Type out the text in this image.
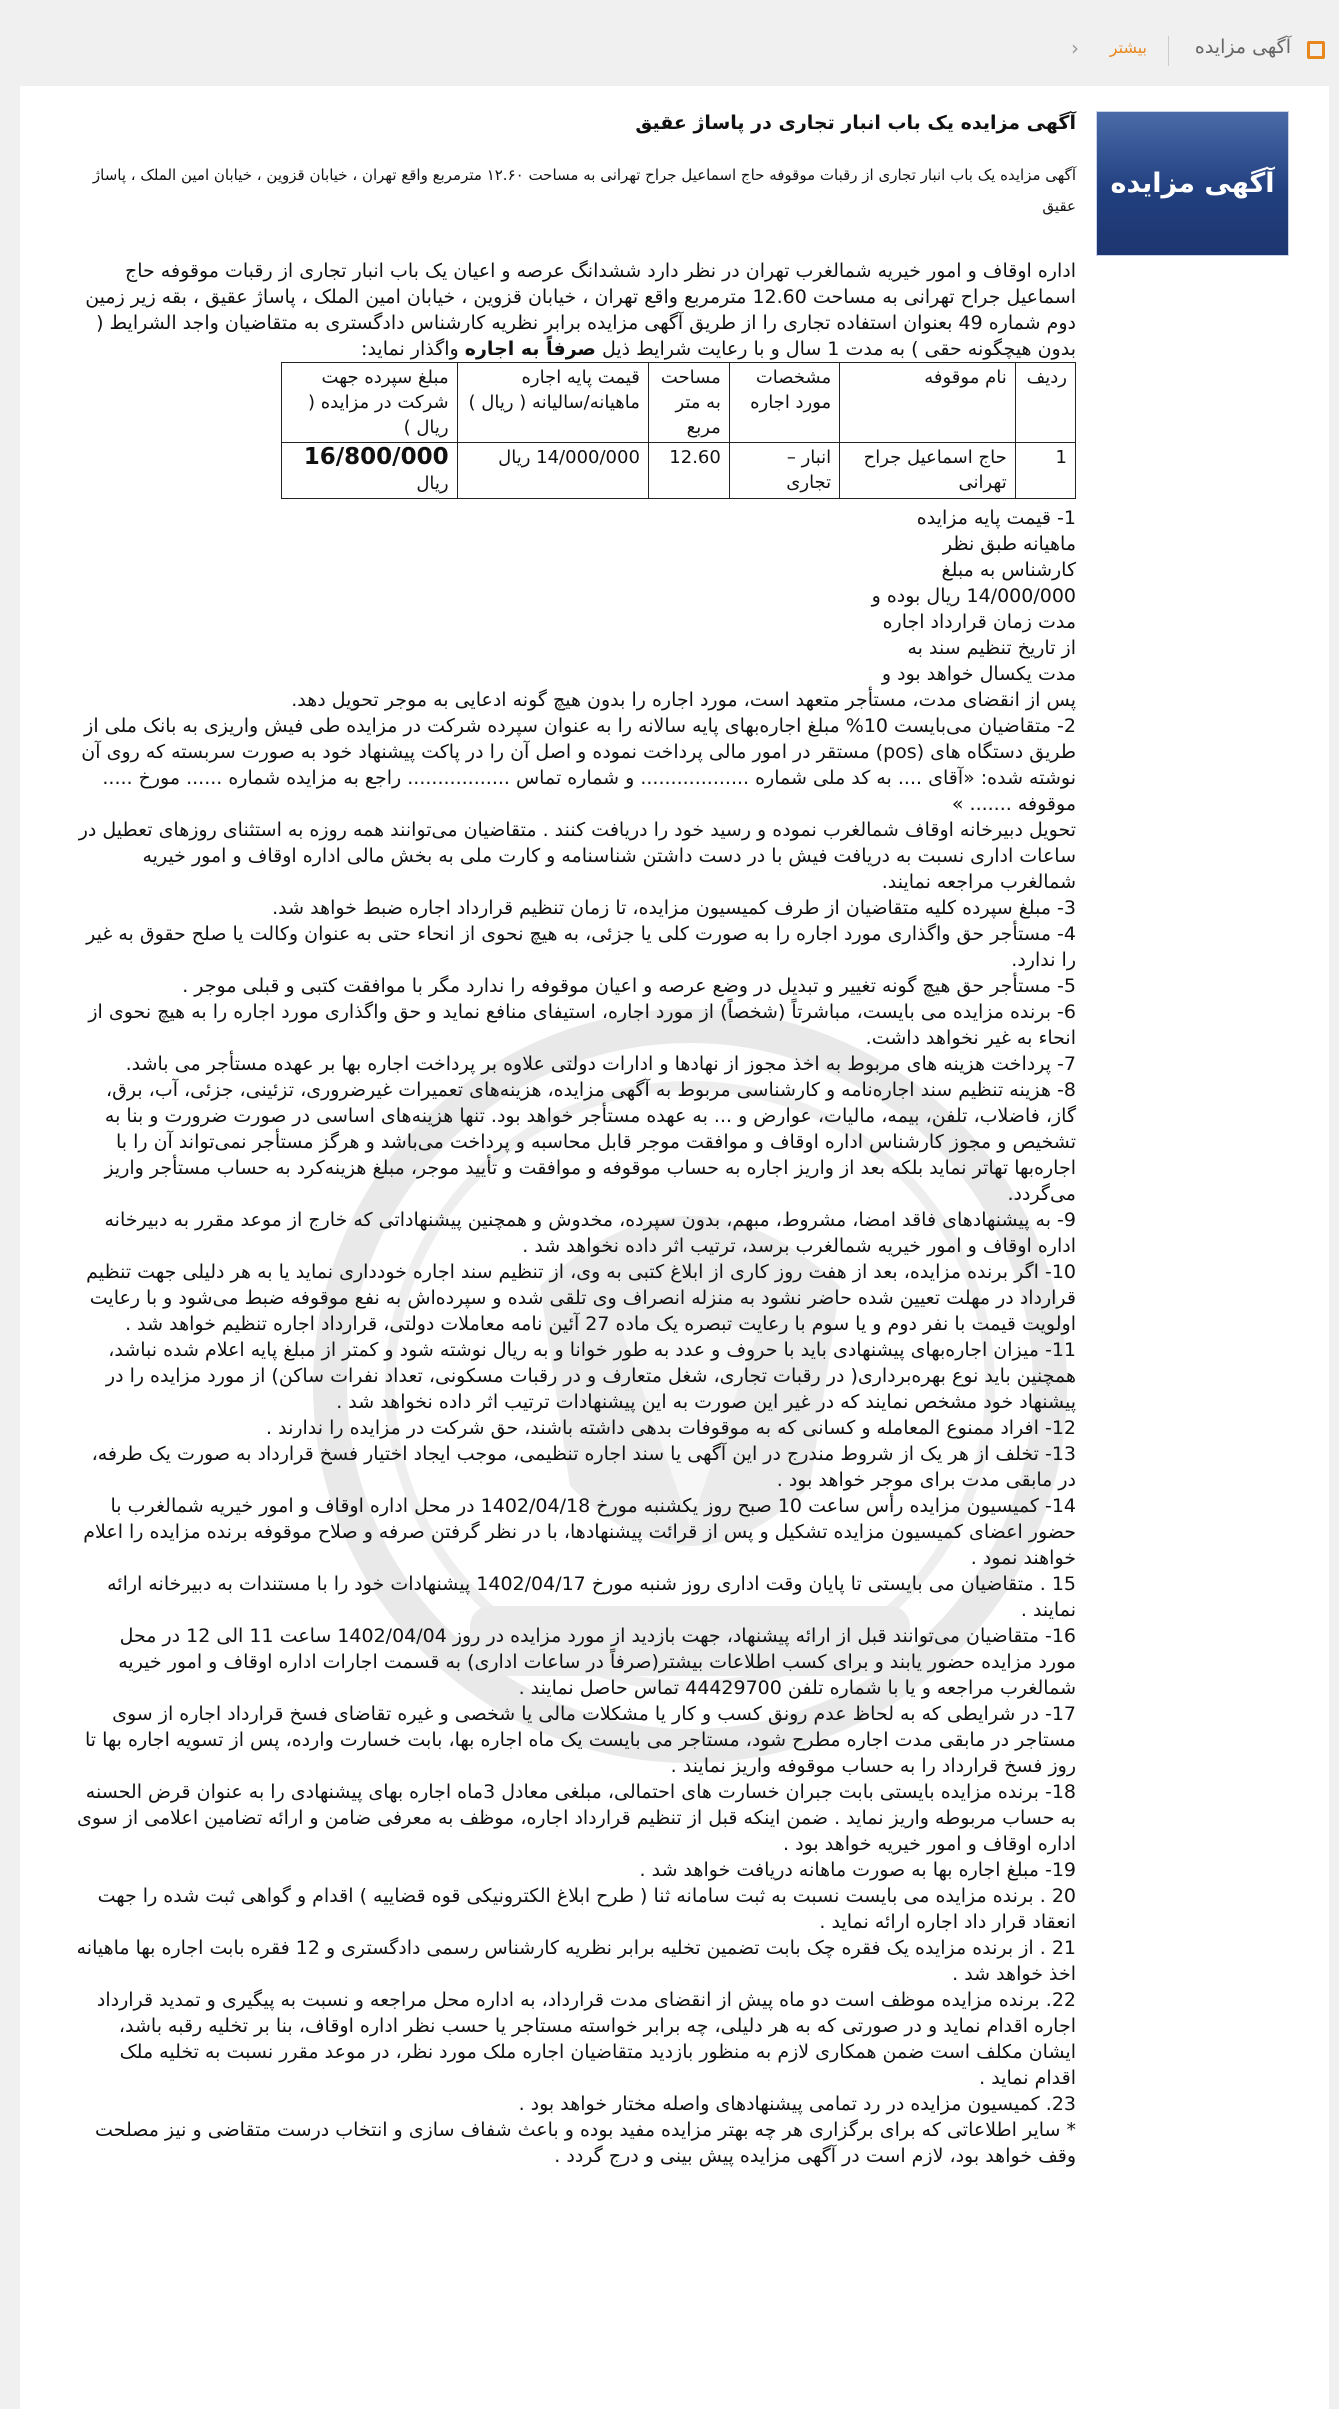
آگهی مزایده
بیشتر
‹
آگهی مزایده
آگهی مزایده یک باب انبار تجاری در پاساژ عقیق

آگهی مزایده یک باب انبار تجاری از رقبات موقوفه حاج اسماعیل جراح تهرانی به مساحت ۱۲.۶۰ مترمربع واقع تهران ، خیابان قزوین ، خیابان امین الملک ، پاساژ عقیق

اداره اوقاف و امور خیریه شمالغرب تهران در نظر دارد ششدانگ عرصه و اعیان یک باب انبار تجاری از رقبات موقوفه حاج اسماعیل جراح تهرانی به مساحت 12.60 مترمربع واقع تهران ، خیابان قزوین ، خیابان امین الملک ، پاساژ عقیق ، بقه زیر زمین دوم شماره 49 بعنوان استفاده تجاری را از طریق آگهی مزایده برابر نظریه کارشناس دادگستری به متقاضیان واجد الشرایط ( بدون هیچگونه حقی ) به مدت 1 سال و با رعایت شرایط ذیل صرفاً به اجاره واگذار نماید:

ردیف	نام موقوفه	مشخصات مورد اجاره	مساحت به متر مربع	قیمت پایه اجاره ماهیانه/سالیانه ( ریال )	مبلغ سپرده جهت شرکت در مزایده ( ریال )
1	حاج اسماعیل جراح تهرانی	انبار – تجاری	12.60	14/000/000 ریال	16/800/000
ریال
1- قیمت پایه مزایده ماهیانه طبق نظر کارشناس به مبلغ 14/000/000 ریال بوده و مدت زمان قرارداد اجاره از تاریخ تنظیم سند به مدت یکسال خواهد بود و

پس از انقضای مدت، مستأجر متعهد است، مورد اجاره را بدون هیچ گونه ادعایی به موجر تحویل دهد.

2- متقاضیان می‌بایست 10% مبلغ اجاره‌بهای پایه سالانه را به عنوان سپرده شرکت در مزایده طی فیش واریزی به بانک ملی از طریق دستگاه های (pos) مستقر در امور مالی پرداخت نموده و اصل آن را در پاکت پیشنهاد خود به صورت سربسته که روی آن نوشته شده: «آقای .... به کد ملی شماره .................. و شماره تماس ................. راجع به مزایده شماره ...... مورخ ..... موقوفه ....... »

تحویل دبیرخانه اوقاف شمالغرب نموده و رسید خود را دریافت کنند . متقاضیان می‌توانند همه روزه به استثنای روزهای تعطیل در ساعات اداری نسبت به دریافت فیش با در دست داشتن شناسنامه و کارت ملی به بخش مالی اداره اوقاف و امور خیریه شمالغرب مراجعه نمایند.

3- مبلغ سپرده کلیه متقاضیان از طرف کمیسیون مزایده، تا زمان تنظیم قرارداد اجاره ضبط خواهد شد.

4- مستأجر حق واگذاری مورد اجاره را به صورت کلی یا جزئی، به هیچ نحوی از انحاء حتی به عنوان وکالت یا صلح حقوق به غیر را ندارد.

5- مستأجر حق هیچ گونه تغییر و تبدیل در وضع عرصه و اعیان موقوفه را ندارد مگر با موافقت کتبی و قبلی موجر .

6- برنده مزایده می بایست، مباشرتاً (شخصاً) از مورد اجاره، استیفای منافع نماید و حق واگذاری مورد اجاره را به هیچ نحوی از انحاء به غیر نخواهد داشت.

7- پرداخت هزینه های مربوط به اخذ مجوز از نهادها و ادارات دولتی علاوه بر پرداخت اجاره بها بر عهده مستأجر می باشد.

8- هزینه تنظیم سند اجاره‌نامه و کارشناسی مربوط به آگهی مزایده، هزینه‌های تعمیرات غیرضروری، تزئینی، جزئی، آب، برق، گاز، فاضلاب، تلفن، بیمه، مالیات، عوارض و ... به عهده مستأجر خواهد بود. تنها هزینه‌های اساسی در صورت ضرورت و بنا به تشخیص و مجوز کارشناس اداره اوقاف و موافقت موجر قابل محاسبه و پرداخت می‌باشد و هرگز مستأجر نمی‌تواند آن را با اجاره‌بها تهاتر نماید بلکه بعد از واریز اجاره به حساب موقوفه و موافقت و تأیید موجر، مبلغ هزینه‌کرد به حساب مستأجر واریز می‌گردد.

9- به پیشنهادهای فاقد امضا، مشروط، مبهم، بدون سپرده، مخدوش و همچنین پیشنهاداتی که خارج از موعد مقرر به دبیرخانه اداره اوقاف و امور خیریه شمالغرب برسد، ترتیب اثر داده نخواهد شد .

10- اگر برنده مزایده، بعد از هفت روز کاری از ابلاغ کتبی به وی، از تنظیم سند اجاره خودداری نماید یا به هر دلیلی جهت تنظیم قرارداد در مهلت تعیین شده حاضر نشود به منزله انصراف وی تلقی شده و سپرده‌اش به نفع موقوفه ضبط می‌شود و با رعایت اولویت قیمت با نفر دوم و یا سوم با رعایت تبصره یک ماده 27 آئین نامه معاملات دولتی، قرارداد اجاره تنظیم خواهد شد .

11- میزان اجاره‌بهای پیشنهادی باید با حروف و عدد به طور خوانا و به ریال نوشته شود و کمتر از مبلغ پایه اعلام شده نباشد، همچنین باید نوع بهره‌برداری( در رقبات تجاری، شغل متعارف و در رقبات مسکونی، تعداد نفرات ساکن) از مورد مزایده را در پیشنهاد خود مشخص نمایند که در غیر این صورت به این پیشنهادات ترتیب اثر داده نخواهد شد .

12- افراد ممنوع المعامله و کسانی که به موقوفات بدهی داشته باشند، حق شرکت در مزایده را ندارند .

13- تخلف از هر یک از شروط مندرج در این آگهی یا سند اجاره تنظیمی، موجب ایجاد اختیار فسخ قرارداد به صورت یک طرفه، در مابقی مدت برای موجر خواهد بود .

14- کمیسیون مزایده رأس ساعت 10 صبح روز یکشنبه مورخ 1402/04/18 در محل اداره اوقاف و امور خیریه شمالغرب با حضور اعضای کمیسیون مزایده تشکیل و پس از قرائت پیشنهادها، با در نظر گرفتن صرفه و صلاح موقوفه برنده مزایده را اعلام خواهند نمود .

15 . متقاضیان می بایستی تا پایان وقت اداری روز شنبه مورخ 1402/04/17 پیشنهادات خود را با مستندات به دبیرخانه ارائه نمایند .

16- متقاضیان می‌توانند قبل از ارائه پیشنهاد، جهت بازدید از مورد مزایده در روز 1402/04/04 ساعت 11 الی 12 در محل مورد مزایده حضور یابند و برای کسب اطلاعات بیشتر(صرفاً در ساعات اداری) به قسمت اجارات اداره اوقاف و امور خیریه شمالغرب مراجعه و یا با شماره تلفن 44429700 تماس حاصل نمایند .

17- در شرایطی که به لحاظ عدم رونق کسب و کار یا مشکلات مالی یا شخصی و غیره تقاضای فسخ قرارداد اجاره از سوی مستاجر در مابقی مدت اجاره مطرح شود، مستاجر می بایست یک ماه اجاره بها، بابت خسارت وارده، پس از تسویه اجاره بها تا روز فسخ قرارداد را به حساب موقوفه واریز نمایند .

18- برنده مزایده بایستی بابت جبران خسارت های احتمالی، مبلغی معادل 3ماه اجاره بهای پیشنهادی را به عنوان قرض الحسنه به حساب مربوطه واریز نماید . ضمن اینکه قبل از تنظیم قرارداد اجاره، موظف به معرفی ضامن و ارائه تضامین اعلامی از سوی اداره اوقاف و امور خیریه خواهد بود .

19- مبلغ اجاره بها به صورت ماهانه دریافت خواهد شد .

20 . برنده مزایده می بایست نسبت به ثبت سامانه ثنا ( طرح ابلاغ الکترونیکی قوه قضاییه ) اقدام و گواهی ثبت شده را جهت انعقاد قرار داد اجاره ارائه نماید .

21 . از برنده مزایده یک فقره چک بابت تضمین تخلیه برابر نظریه کارشناس رسمی دادگستری و 12 فقره بابت اجاره بها ماهیانه اخذ خواهد شد .

22. برنده مزایده موظف است دو ماه پیش از انقضای مدت قرارداد، به اداره محل مراجعه و نسبت به پیگیری و تمدید قرارداد اجاره اقدام نماید و در صورتی که به هر دلیلی، چه برابر خواسته مستاجر یا حسب نظر اداره اوقاف، بنا بر تخلیه رقبه باشد، ایشان مکلف است ضمن همکاری لازم به منظور بازدید متقاضیان اجاره ملک مورد نظر، در موعد مقرر نسبت به تخلیه ملک اقدام نماید .

23. کمیسیون مزایده در رد تمامی پیشنهادهای واصله مختار خواهد بود .

* سایر اطلاعاتی که برای برگزاری هر چه بهتر مزایده مفید بوده و باعث شفاف سازی و انتخاب درست متقاضی و نیز مصلحت وقف خواهد بود، لازم است در آگهی مزایده پیش بینی و درج گردد .
